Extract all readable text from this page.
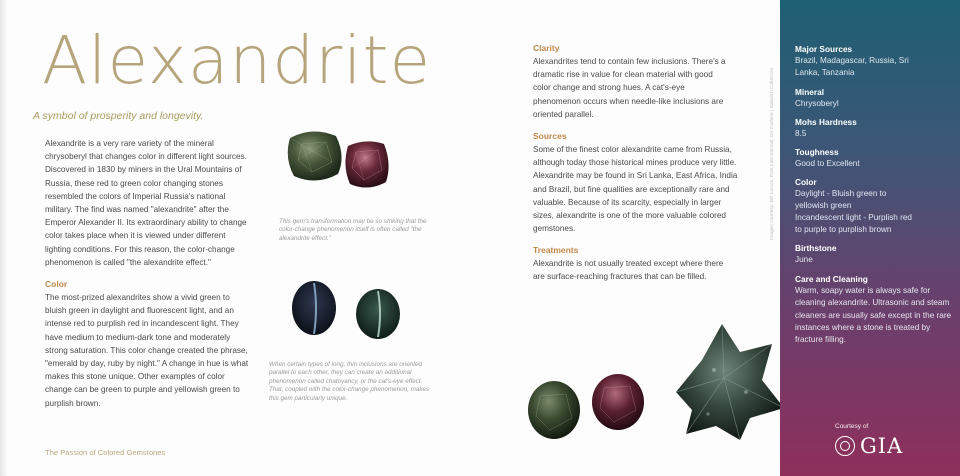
Alexandrite
A symbol of prosperity and longevity.

Alexandrite is a very rare variety of the mineral chrysoberyl that changes color in different light sources. Discovered in 1830 by miners in the Ural Mountains of Russia, these red to green color changing stones resembled the colors of Imperial Russia's national military. The find was named "alexandrite" after the Emperor Alexander II. Its extraordinary ability to change color takes place when it is viewed under different lighting conditions. For this reason, the color-change phenomenon is called "the alexandrite effect."

Color

The most-prized alexandrites show a vivid green to bluish green in daylight and fluorescent light, and an intense red to purplish red in incandescent light. They have medium to medium-dark tone and moderately strong saturation. This color change created the phrase, "emerald by day, ruby by night." A change in hue is what makes this stone unique. Other examples of color change can be green to purple and yellowish green to purplish brown.

This gem's transformation may be so striking that the color-change phenomenon itself is often called "the alexandrite effect."

When certain types of long, thin inclusions are oriented parallel to each other, they can create an additional phenomenon called chatoyancy, or the cat's-eye effect. That, coupled with the color-change phenomenon, makes this gem particularly unique.

The Passion of Colored Gemstones
Clarity

Alexandrites tend to contain few inclusions. There's a dramatic rise in value for clean material with good color change and strong hues. A cat's-eye phenomenon occurs when needle-like inclusions are oriented parallel.

Sources

Some of the finest color alexandrite came from Russia, although today those historical mines produce very little. Alexandrite may be found in Sri Lanka, East Africa, India and Brazil, but fine qualities are exceptionally rare and valuable. Because of its scarcity, especially in larger sizes, alexandrite is one of the more valuable colored gemstones.

Treatments

Alexandrite is not usually treated except where there are surface-reaching fractures that can be filled.

Images courtesy: Bill Larson, Pala International; Orr Kadarie | Sakulich Collection
Major Sources
Brazil, Madagascar, Russia, Sri Lanka, Tanzania
Mineral
Chrysoberyl
Mohs Hardness
8.5
Toughness
Good to Excellent
Color
Daylight - Bluish green to
yellowish green
Incandescent light - Purplish red
to purple to purplish brown
Birthstone
June
Care and Cleaning
Warm, soapy water is always safe for cleaning alexandrite. Ultrasonic and steam cleaners are usually safe except in the rare instances where a stone is treated by fracture filling.
Courtesy of
GIA
